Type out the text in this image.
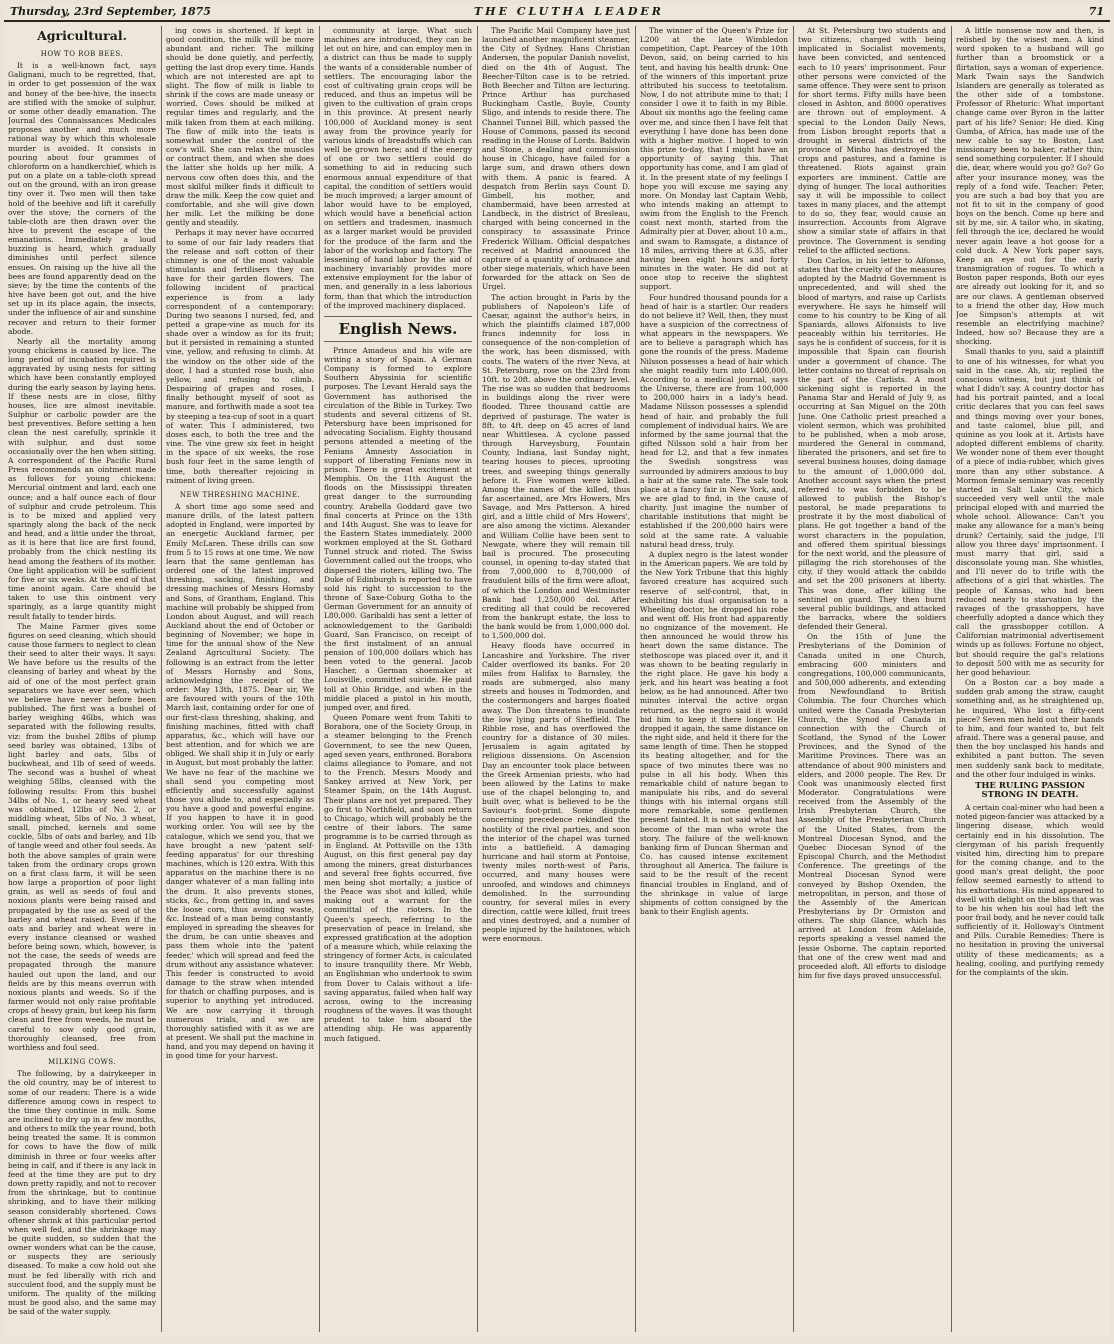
Thursday, 23rd September, 1875	THE CLUTHA LEADER	71
Agricultural.
HOW TO ROB BEES.

It is a well-known fact, says Galignani, much to be regretted, that, in order to get possession of the wax and honey of the bee-hive, the insects are stifled with the smoke of sulphur, or some other deadly emanation. The Journal des Connaissances Medicales proposes another and much more rational way by which this wholesale murder is avoided. It consists in pouring about four grammes of chloroform on a handkerchief, which is put on a plate on a table-cloth spread out on the ground, with an iron grease tiny over it. Two men will then take hold of the beehive and lift it carefully over the stove; the corners of the table-cloth are then drawn over the hive to prevent the escape of the emanations. Immediately a loud buzzing is heard, which gradually diminishes until perfect silence ensues. On raising up the hive all the bees are found apparently dead on the sieve; by the time the contents of the hive have been got out, and the hive set up in its place again, the insects, under the influence of air and sunshine recover and return to their former abode.

Nearly all the mortality among young chickens is caused by lice. The long period of incubation required is aggravated by using nests for sitting which have been constantly employed during the early season by laying hens. If these nests are in close, filthy houses, lice are almost inevitable. Sulphur or carbolic powder are the best preventives. Before setting a hen clean the nest carefully, sprinkle it with sulphur, and dust some occasionally over the hen when sitting. A correspondent of the Pacific Rural Press recommends an ointment made as follows for young chickens: Mercurial ointment and lard, each one ounce; and a half ounce each of flour of sulphur and crude petroleum. This is to be mixed and applied very sparingly along the back of the neck and head, and a little under the throat, as it is here that lice are first found, probably from the chick nestling its head among the feathers of its mother. One light application will be sufficient for five or six weeks. At the end of that time anoint again. Care should be taken to use this ointment very sparingly, as a large quantity might result fatally to tender birds.

The Maine Farmer gives some figures on seed cleaning, which should cause those farmers to neglect to clean their seed to alter their ways. It says: We have before us the results of the cleansing of barley and wheat by the aid of one of the most perfect grain separators we have ever seen, which we believe have never before been published. The first was a bushel of barley weighing 46lbs, which was separated with the following results, viz: from the bushel 28lbs of plump seed barley was obtained, 13lbs of light barley and oats, 5lbs of buckwheat, and 1lb of seed of weeds. The second was a bushel of wheat weighing 58lbs, cleansed with the following results: From this bushel 34lbs of No. 1, or heavy seed wheat was obtained, 12lbs of No. 2, or middling wheat, 5lbs of No. 3 wheat, small, pinched, kernels and some cockle, 5lbs of oats and barley, and 1lb of tangle weed and other foul seeds. As both the above samples of grain were taken from the ordinary crops grown on a first class farm, it will be seen how large a proportion of poor light grain, as well as seeds of foul and noxious plants were being raised and propagated by the use as seed of the barley and wheat raised. Even if the oats and barley and wheat were in every instance cleansed or washed before being sown, which, however, is not the case, the seeds of weeds are propagated through the manure hauled out upon the land, and our fields are by this means overrun with noxious plants and weeds. So if the farmer would not only raise profitable crops of heavy grain, but keep his farm clean and free from weeds, he must be careful to sow only good grain, thoroughly cleansed, free from worthless and foul seed.

MILKING COWS.

The following, by a dairykeeper in the old country, may be of interest to some of our readers: There is a wide difference among cows in respect to the time they continue in milk. Some are inclined to dry up in a few months, and others to milk the year round, both being treated the same. It is common for cows to have the flow of milk diminish in three or four weeks after being in calf, and if there is any lack in feed at the time they are put to dry down pretty rapidly, and not to recover from the shrinkage, but to continue shrinking, and to have their milking season considerably shortened. Cows oftener shrink at this particular period when well fed, and the shrinkage may be quite sudden, so sudden that the owner wonders what can be the cause, or suspects they are seriously diseased. To make a cow hold out she must be fed liberally with rich and succulent food, and the supply must be uniform. The quality of the milking must be good also, and the same may be said of the water supply.

ing cows is shortened. If kept in good condition, the milk will be more abundant and richer. The milking should be done quietly, and perfectly, getting the last drop every time. Hands which are not interested are apt to slight. The flow of milk is liable to shrink if the cows are made uneasy or worried. Cows should be milked at regular times and regularly, and the milk taken from them at each milking. The flow of milk into the teats is somewhat under the control of the cow's will. She can relax the muscles or contract them, and when she does the latter she holds up her milk. A nervous cow often does this, and the most skilful milker finds it difficult to draw the milk. Keep the cow quiet and comfortable, and she will give down her milk. Let the milking be done gently and steadily.

Perhaps it may never have occurred to some of our fair lady readers that the release and soft cotton of their chimney is one of the most valuable stimulants and fertilisers they can have for their garden flowers. The following incident of practical experience is from a lady correspondent of a contemporary: During two seasons I nursed, fed, and petted a grape-vine as much for its shade over a window as for its fruit; but it persisted in remaining a stunted vine, yellow, and refusing to climb. At the window on the other side of the door, I had a stunted rose bush, also yellow, and refusing to climb. Despairing of grapes and roses, I finally bethought myself of soot as manure, and forthwith made a soot tea by steeping a tea-cup of soot in a quart of water. This I administered, two doses each, to both the tree and the vine. The vine grew six feet in height in the space of six weeks, the rose bush four feet in the same length of time, both thereafter rejoicing in raiment of living green.

NEW THRESHING MACHINE.

A short time ago some seed and manure drills, of the latest pattern adopted in England, were imported by an energetic Auckland farmer, per Emily McLaren. These drills can sow from 5 to 15 rows at one time. We now learn that the same gentleman has ordered one of the latest improved threshing, sacking, finishing, and dressing machines of Messrs Hornsby and Sons, of Grantham, England. This machine will probably be shipped from London about August, and will reach Auckland about the end of October or beginning of November; we hope in time for the annual show of the New Zealand Agricultural Society. The following is an extract from the letter of Messrs Hornsby and Sons, acknowledging the receipt of the order: May 13th, 1875. Dear sir, We are favoured with yours of the 10th March last, containing order for one of our first-class threshing, shaking, and finishing machines, fitted with chaff apparatus, &c., which will have our best attention, and for which we are obliged. We shall ship it in July or early in August, but most probably the latter. We have no fear of the machine we shall send you competing most efficiently and successfully against those you allude to, and especially as you have a good and powerful engine. If you happen to have it in good working order. You will see by the catalogue, which we send you, that we have brought a new 'patent self-feeding apparatus' for our threshing machines, which is 120 extra. With this apparatus on the machine there is no danger whatever of a man falling into the drum. It also prevents stones, sticks, &c., from getting in, and saves the loose corn, thus avoiding waste, &c. Instead of a man being constantly employed in spreading the sheaves for the drum, he can untie sheaves and pass them whole into the 'patent feeder,' which will spread and feed the drum without any assistance whatever. This feeder is constructed to avoid damage to the straw when intended for thatch or chaffing purposes, and is superior to anything yet introduced. We are now carrying it through numerous trials, and we are thoroughly satisfied with it as we are at present. We shall put the machine in hand, and you may depend on having it in good time for your harvest.

community at large. What such machines are introduced, they can be let out on hire, and can employ men in a district can thus be made to supply the wants of a considerable number of settlers. The encouraging labor the cost of cultivating grain crops will be reduced, and thus an impetus will be given to the cultivation of grain crops in this province. At present nearly 100,000 of Auckland money is sent away from the province yearly for various kinds of breadstuffs which can well be grown here; and if the energy of one or two settlers could do something to aid in reducing such enormous annual expenditure of that capital, the condition of settlers would be much improved; a larger amount of labor would have to be employed, which would have a beneficial action on settlers and tradesmen, inasmuch as a larger market would be provided for the produce of the farm and the labor of the workshop and factory. The lessening of hand labor by the aid of machinery invariably provides more extensive employment for the labor of men, and generally in a less laborious form, than that which the introduction of the improved machinery displaced.

English News.

Prince Amadeus and his wife are writing a story of Spain. A German Company is formed to explore Southern Abyssinia for scientific purposes. The Levant Herald says the Government has authorised the circulation of the Bible in Turkey. Two students and several citizens of St. Petersburg have been imprisoned for advocating Socialism. Eighty thousand persons attended a meeting of the Fenians Amnesty Association in support of liberating Fenians now in prison. There is great excitement at Memphis. On the 11th August the floods on the Mississippi threaten great danger to the surrounding country. Arabella Goddard gave two final concerts at Prince on the 13th and 14th August. She was to leave for the Eastern States immediately. 2000 workmen employed at the St. Gothard Tunnel struck and rioted. The Swiss Government called out the troops, who dispersed the rioters, killing two. The Duke of Edinburgh is reported to have sold his right to succession to the throne of Saxe-Coburg Gotha to the German Government for an annuity of L80,000. Garibaldi has sent a letter of acknowledgement to the Garibaldi Guard, San Francisco, on receipt of the first instalment of an annual pension of 100,000 dollars which has been voted to the general. Jacob Hascher, a German shoemaker at Louisville, committed suicide. He paid toll at Ohio Bridge, and when in the middle placed a pistol in his mouth, jumped over, and fired.

Queen Pomare went from Tahiti to Borabora, one of the Society Group, in a steamer belonging to the French Government, to see the new Queen, aged seven years, enthroned. Borabora claims allegiance to Pomare, and not to the French. Messrs Moody and Sankey arrived at New York, per Steamer Spain, on the 14th August. Their plans are not yet prepared. They go first to Northfield, and soon return to Chicago, which will probably be the centre of their labors. The same programme is to be carried through as in England. At Pottsville on the 13th August, on this first general pay day among the miners, great disturbances and several free fights occurred, five men being shot mortally; a justice of the Peace was shot and killed, while making out a warrant for the committal of the rioters. In the Queen's speech, referring to the preservation of peace in Ireland, she expressed gratification at the adoption of a measure which, while relaxing the stringency of former Acts, is calculated to insure tranquility there. Mr Webb, an Englishman who undertook to swim from Dover to Calais without a life-saving apparatus, failed when half way across, owing to the increasing roughness of the waves. It was thought prudent to take him aboard the attending ship. He was apparently much fatigued.

The Pacific Mail Company have just launched another magnificent steamer, the City of Sydney. Hans Christian Andersen, the popular Danish novelist, died on the 4th of August. The Beecher-Tilton case is to be retried. Both Beecher and Tilton are lecturing. Prince Arthur has purchased Buckingham Castle, Boyle, County Sligo, and intends to reside there. The Channel Tunnel Bill, which passed the House of Commons, passed its second reading in the House of Lords. Baldwin and Stone, a dealing and commission house in Chicago, have failed for a large sum, and drawn others down with them. A panic is feared. A despatch from Berlin says Count D. Gimbell, his mother, and chambermaid, have been arrested at Landbeck, in the district of Bresleau, charged with being concerned in the conspiracy to assassinate Prince Frederick William. Official despatches received at Madrid announced the capture of a quantity of ordnance and other siege materials, which have been forwarded for the attack on Seo de Urgel.

The action brought in Paris by the publishers of Napoleon's Life of Caesar, against the author's heirs, in which the plaintiffs claimed 187,000 francs indemnity for loss in consequence of the non-completion of the work, has been dismissed, with costs. The waters of the river Neva, at St. Petersburg, rose on the 23rd from 10ft. to 20ft. above the ordinary level. The rise was so sudden that bedrooms in buildings along the river were flooded. Three thousand cattle are deprived of pasturage. The water is 8ft. to 4ft. deep on 45 acres of land near Whittlesea. A cyclone passed through Harveysburg, Fountain County, Indiana, last Sunday night, tearing houses to pieces, uprooting trees, and sweeping things generally before it. Five women were killed. Among the names of the killed, thus far ascertained, are Mrs Howers, Mrs Savage, and Mrs Patterson. A hired girl, and a little child of Mrs Howers', are also among the victims. Alexander and William Collie have been sent to Newgate, where they will remain till bail is procured. The prosecuting counsel, in opening to-day stated that from 7,000,000 to 8,700,000 of fraudulent bills of the firm were afloat, of which the London and Westminster Bank had 1,250,000 dol. After crediting all that could be recovered from the bankrupt estate, the loss to the bank would be from 1,000,000 dol. to 1,500,000 dol.

Heavy floods have occurred in Lancashire and Yorkshire. The river Calder overflowed its banks. For 20 miles from Halifax to Barnsley, the roads are submerged, also many streets and houses in Todmorden, and the costermongers and barges floated away. The Don threatens to inundate the low lying parts of Sheffield. The Ribble rose, and has overflowed the country for a distance of 30 miles. Jerusalem is again agitated by religious dissensions. On Ascension Day an encounter took place between the Greek Armenian priests, who had been allowed by the Latins to make use of the chapel belonging to, and built over, what is believed to be the Saviour's foot-print. Some dispute concerning precedence rekindled the hostility of the rival parties, and soon the interior of the chapel was turned into a battlefield. A damaging hurricane and hail storm at Pontoise, twenty miles north-west of Paris, occurred, and many houses were unroofed, and windows and chimneys demolished. In the surrounding country, for several miles in every direction, cattle were killed, fruit trees and vines destroyed, and a number of people injured by the hailstones, which were enormous.

The winner of the Queen's Prize for L200 at the late Wimbledon competition, Capt. Pearcey of the 10th Devon, said, on being carried to his tent, and having his health drunk: One of the winners of this important prize attributed his success to teetotalism. Now, I do not attribute mine to that; I consider I owe it to faith in my Bible. About six months ago the feeling came over me, and since then I have felt that everything I have done has been done with a higher motive. I hoped to win this prize to-day, that I might have an opportunity of saying this. That opportunity has come, and I am glad of it. In the present state of my feelings I hope you will excuse me saying any more. On Monday last Captain Webb, who intends making an attempt to swim from the English to the French coast next month, started from the Admiralty pier at Dover, about 10 a.m., and swam to Ramsgate, a distance of 18 miles, arriving there at 6.35, after having been eight hours and forty minutes in the water. He did not at once stop to receive the slightest support.

Four hundred thousand pounds for a head of hair is a startler. Our readers do not believe it? Well, then, they must have a suspicion of the correctness of what appears in the newspapers. We are to believe a paragraph which has gone the rounds of the press. Mademe Nilsson possesses a head of hair which she might readily turn into L400,000. According to a medical journal, says the Universe, there are from 100,000 to 200,000 hairs in a lady's head. Madame Nilsson possesses a splendid head of hair, and probably the full complement of individual hairs. We are informed by the same journal that the gifted Nilsson sold a hair from her head for L2, and that a few inmates the Swedish songstress was surrounded by admirers anxious to buy a hair at the same rate. The sale took place at a fancy fair in New York, and, we are glad to find, in the cause of charity. Just imagine the number of charitable institutions that might be established if the 200,000 hairs were sold at the same rate. A valuable natural head dress, truly.

A duplex negro is the latest wonder in the American papers. We are told by the New York Tribune that this highly favored creature has acquired such reserve of self-control, that, in exhibiting his dual organisation to a Wheeling doctor, he dropped his robe and went off. His front had apparently no cognizance of the movement. He then announced he would throw his heart down the same distance. The stethoscope was placed over it, and it was shown to be beating regularly in the right place. He gave his body a jerk, and his heart was beating a foot below, as he had announced. After two minutes interval the active organ returned, as the negro said it would bid him to keep it there longer. He dropped it again, the same distance on the right side, and held it there for the same length of time. Then he stopped its beating altogether, and for the space of two minutes there was no pulse in all his body. When this remarkable child of nature began to manipulate his ribs, and do several things with his internal organs still more remarkable, some gentlemen present fainted. It is not said what has become of the man who wrote the story. The failure of the well-known banking firm of Duncan Sherman and Co. has caused intense excitement throughout all America. The failure is said to be the result of the recent financial troubles in England, and of the shrinkage in value of large shipments of cotton consigned by the bank to their English agents.

At St. Petersburg two students and two citizens, charged with being implicated in Socialist movements, have been convicted, and sentenced each to 10 years' imprisonment. Four other persons were convicted of the same offence. They were sent to prison for short terms. Fifty mills have been closed in Ashton, and 8000 operatives are thrown out of employment. A special to the London Daily News, from Lisbon brought reports that a drought in several districts of the province of Minho has destroyed the crops and pastures, and a famine is threatened. Riots against grain exporters are imminent. Cattle are dying of hunger. The local authorities say it will be impossible to collect taxes in many places, and the attempt to do so, they fear, would cause an insurrection. Accounts from Algrave show a similar state of affairs in that province. The Government is sending relief to the afflicted sections.

Don Carlos, in his letter to Alfonso, states that the cruelty of the measures adopted by the Madrid Government is unprecedented, and will shed the blood of martyrs, and raise up Carlists everywhere. He says he himself will come to his country to be King of all Spaniards, allows Alfonsists to live peaceably within his territories. He says he is confident of success, for it is impossible that Spain can flourish under a government of chance. The letter contains no threat of reprisals on the part of the Carlists. A most sickening sight is reported in the Panama Star and Herald of July 9, as occurring at San Miguel on the 20th June. One Catholic priest preached a violent sermon, which was prohibited to be published, when a mob arose, murdered the General in command, liberated the prisoners, and set fire to several business houses, doing damage to the amount of 1,000,000 dol. Another account says when the priest referred to was forbidden to be allowed to publish the Bishop's pastoral, he made preparations to prostrate it by the most diabolical of plans. He got together a band of the worst characters in the population, and offered them spiritual blessings for the next world, and the pleasure of pillaging the rich storehouses of the city, if they would attack the cabildo and set the 200 prisoners at liberty. This was done, after killing the sentinel on guard. They then burnt several public buildings, and attacked the barracks, where the soldiers defended their General.

On the 15th of June the Presbyterians of the Dominion of Canada united in one Church, embracing 600 ministers and congregations, 100,000 communicants, and 500,000 adherents, and extending from Newfoundland to British Columbia. The four Churches which united were the Canada Presbyterian Church, the Synod of Canada in connection with the Church of Scotland, the Synod of the Lower Provinces, and the Synod of the Maritime Provinces. There was an attendance of about 900 ministers and elders, and 2000 people. The Rev. Dr Cook was unanimously elected first Moderator. Congratulations were received from the Assembly of the Irish Presbyterian Church, the Assembly of the Presbyterian Church of the United States, from the Montreal Diocesan Synod, and the Quebec Diocesan Synod of the Episcopal Church, and the Methodist Conference. The greetings of the Montreal Diocesan Synod were conveyed by Bishop Oxenden, the metropolitan, in person, and those of the Assembly of the American Presbyterians by Dr Ormiston and others. The ship Glance, which has arrived at London from Adelaide, reports speaking a vessel named the Jessie Osborne. The captain reported that one of the crew went mad and proceeded aloft. All efforts to dislodge him for five days proved unsuccessful.

A little nonsense now and then, is relished by the wisest men. A kind word spoken to a husband will go further than a broomstick or a flirtation, says a woman of experience. Mark Twain says the Sandwich Islanders are generally as tolerated as the other side of a tombstone. Professor of Rhetoric: What important change came over Byron in the latter part of his life? Senior: He died. King Gumba, of Africa, has made use of the new cable to say to Boston, Last missionary been to baker, rather thin; send something corpulenter. If I should die, dear, where would you go? Go? Go after your insurance money, was the reply of a fond wife. Teacher: Peter, you are such a bad boy that you are not fit to sit in the company of good boys on the bench. Come up here and sit by me, sir. A tailor who, in skating, fell through the ice, declared he would never again leave a hot goose for a cold duck. A New York paper says, Keep an eye out for the early transmigration of rogues. To which a Boston paper responds, Both our eyes are already out looking for it, and so are our claws. A gentleman observed to a friend the other day, How much Joe Simpson's attempts at wit resemble an electrifying machine? Indeed, how so? Because they are a shocking.

Small thanks to you, said a plaintiff to one of his witnesses, for what you said in the case. Ah, sir, replied the conscious witness, but just think of what I didn't say. A country doctor has had his portrait painted, and a local critic declares that you can feel saws and things moving over your bones, and taste calomel, blue pill, and quinine as you look at it. Artists have adopted different emblems of charity. We wonder none of them ever thought of a piece of india-rubber, which gives more than any other substance. A Mormon female seminary was recently started in Salt Lake City, which succeeded very well until the male principal eloped with and married the whole school. Allowance: Can't you make any allowance for a man's being drunk? Certainly, said the judge, I'll allow you three days' imprisonment. I must marry that girl, said a disconsolate young man. She whistles, and I'll never do to trifle with the affections of a girl that whistles. The people of Kansas, who had been reduced nearly to starvation by the ravages of the grasshoppers, have cheerfully adopted a dance which they call the grasshopper cotillon. A Californian matrimonial advertisement winds up as follows: Fortune no object, but should require the gal's relations to deposit 500 with me as security for her good behaviour.

On a Boston car a boy made a sudden grab among the straw, caught something and, as he straightened up, he inquired, Who lost a fifty-cent piece? Seven men held out their hands to him, and four wanted to, but felt afraid. There was a general pause, and then the boy unclasped his hands and exhibited a pant button. The seven men suddenly sank back to meditate, and the other four indulged in winks.

THE RULING PASSION STRONG IN DEATH.

A certain coal-miner who had been a noted pigeon-fancier was attacked by a lingering disease, which would certainly end in his dissolution. The clergyman of his parish frequently visited him, directing him to prepare for the coming change, and to the good man's great delight, the poor fellow seemed earnestly to attend to his exhortations. His mind appeared to dwell with delight on the bliss that was to be his when his soul had left the poor frail body, and he never could talk sufficiently of it. Holloway's Ointment and Pills. Curable Remedies: There is no hesitation in proving the universal utility of these medicaments; as a healing, cooling, and purifying remedy for the complaints of the skin.
